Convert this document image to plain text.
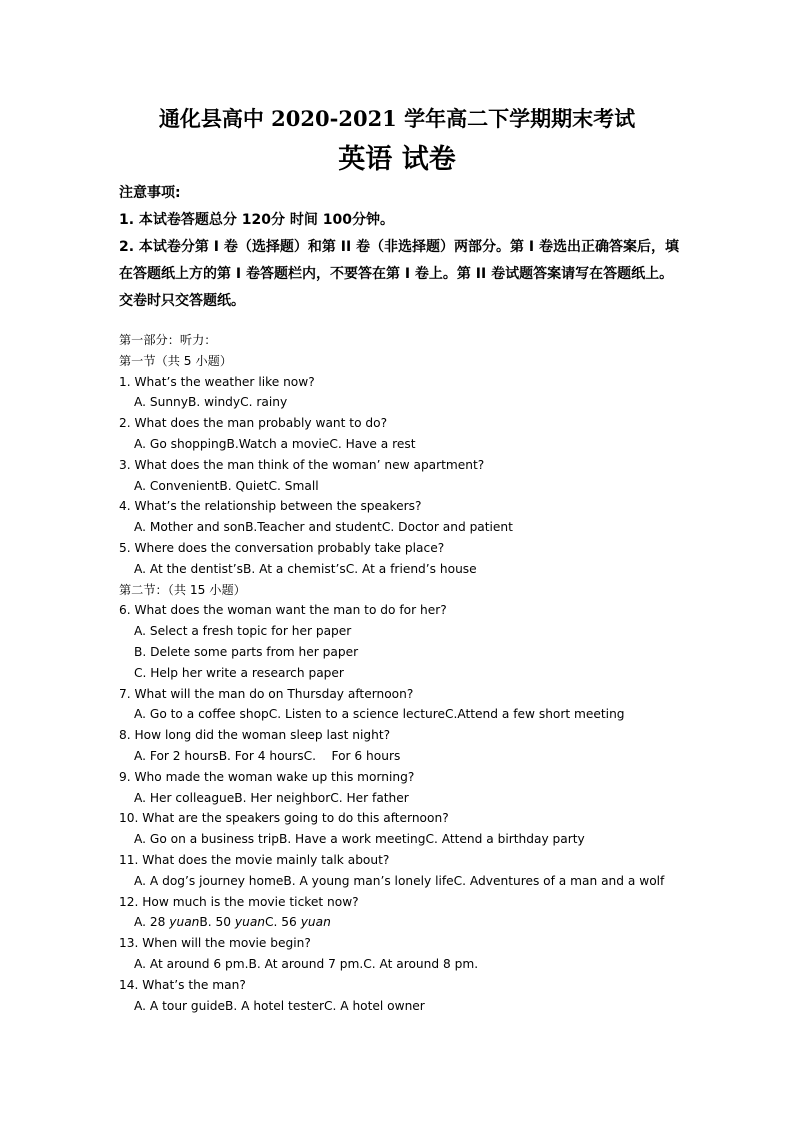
通化县高中 2020-2021 学年高二下学期期末考试
英语 试卷
注意事项:
1. 本试卷答题总分 120分 时间 100分钟。
2. 本试卷分第 I 卷（选择题）和第 II 卷（非选择题）两部分。第 I 卷选出正确答案后，填在答题纸上方的第 I 卷答题栏内，不要答在第 I 卷上。第 II 卷试题答案请写在答题纸上。交卷时只交答题纸。
第一部分：听力：
第一节（共 5 小题）
1. What’s the weather like now?
A. SunnyB. windyC. rainy
2. What does the man probably want to do?
A. Go shoppingB.Watch a movieC. Have a rest
3. What does the man think of the woman’ new apartment?
A. ConvenientB. QuietC. Small
4. What’s the relationship between the speakers?
A. Mother and sonB.Teacher and studentC. Doctor and patient
5. Where does the conversation probably take place?
A. At the dentist’sB. At a chemist’sC. At a friend’s house
第二节：（共 15 小题）
6. What does the woman want the man to do for her?
A. Select a fresh topic for her paper
B. Delete some parts from her paper
C. Help her write a research paper
7. What will the man do on Thursday afternoon?
A. Go to a coffee shopC. Listen to a science lectureC.Attend a few short meeting
8. How long did the woman sleep last night?
A. For 2 hoursB. For 4 hoursC.    For 6 hours
9. Who made the woman wake up this morning?
A. Her colleagueB. Her neighborC. Her father
10. What are the speakers going to do this afternoon?
A. Go on a business tripB. Have a work meetingC. Attend a birthday party
11. What does the movie mainly talk about?
A. A dog’s journey homeB. A young man’s lonely lifeC. Adventures of a man and a wolf
12. How much is the movie ticket now?
A. 28 yuanB. 50 yuanC. 56 yuan
13. When will the movie begin?
A. At around 6 pm.B. At around 7 pm.C. At around 8 pm.
14. What’s the man?
A. A tour guideB. A hotel testerC. A hotel owner
